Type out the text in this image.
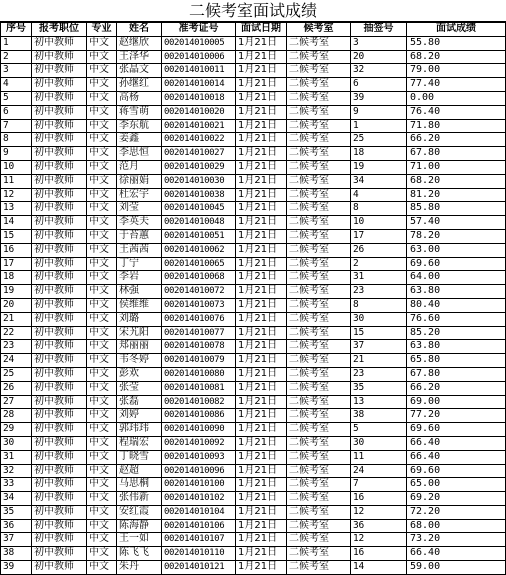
二候考室面试成绩
序号	报考职位	专业	姓名	准考证号	面试日期	候考室	抽签号	面试成绩
1	初中教师	中文	赵继欣	002014010005	1月21日	二候考室	3	55.80
2	初中教师	中文	王泽华	002014010006	1月21日	二候考室	20	68.20
3	初中教师	中文	张晶文	002014010011	1月21日	二候考室	32	79.00
4	初中教师	中文	孙继红	002014010014	1月21日	二候考室	6	77.40
5	初中教师	中文	高杨	002014010018	1月21日	二候考室	39	0.00
6	初中教师	中文	蒋雪萌	002014010020	1月21日	二候考室	9	76.40
7	初中教师	中文	李东航	002014010021	1月21日	二候考室	1	71.80
8	初中教师	中文	姜鑫	002014010022	1月21日	二候考室	25	66.20
9	初中教师	中文	李思恒	002014010027	1月21日	二候考室	18	67.80
10	初中教师	中文	范月	002014010029	1月21日	二候考室	19	71.00
11	初中教师	中文	徐丽娟	002014010030	1月21日	二候考室	34	68.20
12	初中教师	中文	杜宏宇	002014010038	1月21日	二候考室	4	81.20
13	初中教师	中文	刘莹	002014010045	1月21日	二候考室	8	85.80
14	初中教师	中文	李英夫	002014010048	1月21日	二候考室	10	57.40
15	初中教师	中文	于苔蕙	002014010051	1月21日	二候考室	17	78.20
16	初中教师	中文	王茜茜	002014010062	1月21日	二候考室	26	63.00
17	初中教师	中文	丁宁	002014010065	1月21日	二候考室	2	69.60
18	初中教师	中文	李岩	002014010068	1月21日	二候考室	31	64.00
19	初中教师	中文	林强	002014010072	1月21日	二候考室	23	63.80
20	初中教师	中文	侯维维	002014010073	1月21日	二候考室	8	80.40
21	初中教师	中文	刘璐	002014010076	1月21日	二候考室	30	76.60
22	初中教师	中文	宋艽阳	002014010077	1月21日	二候考室	15	85.20
23	初中教师	中文	郑丽丽	002014010078	1月21日	二候考室	37	63.80
24	初中教师	中文	韦冬婷	002014010079	1月21日	二候考室	21	65.80
25	初中教师	中文	彭欢	002014010080	1月21日	二候考室	23	67.80
26	初中教师	中文	张莹	002014010081	1月21日	二候考室	35	66.20
27	初中教师	中文	张磊	002014010082	1月21日	二候考室	13	69.00
28	初中教师	中文	刘婷	002014010086	1月21日	二候考室	38	77.20
29	初中教师	中文	郭玮玮	002014010090	1月21日	二候考室	5	69.60
30	初中教师	中文	程瑞宏	002014010092	1月21日	二候考室	30	66.40
31	初中教师	中文	丁晓雪	002014010093	1月21日	二候考室	11	66.40
32	初中教师	中文	赵超	002014010096	1月21日	二候考室	24	69.60
33	初中教师	中文	马思桐	002014010100	1月21日	二候考室	7	65.00
34	初中教师	中文	张伟新	002014010102	1月21日	二候考室	16	69.20
35	初中教师	中文	安红霞	002014010104	1月21日	二候考室	12	72.20
36	初中教师	中文	陈海静	002014010106	1月21日	二候考室	36	68.00
37	初中教师	中文	王一如	002014010107	1月21日	二候考室	12	73.20
38	初中教师	中文	陈飞飞	002014010110	1月21日	二候考室	16	66.40
39	初中教师	中文	朱丹	002014010121	1月21日	二候考室	14	59.00
